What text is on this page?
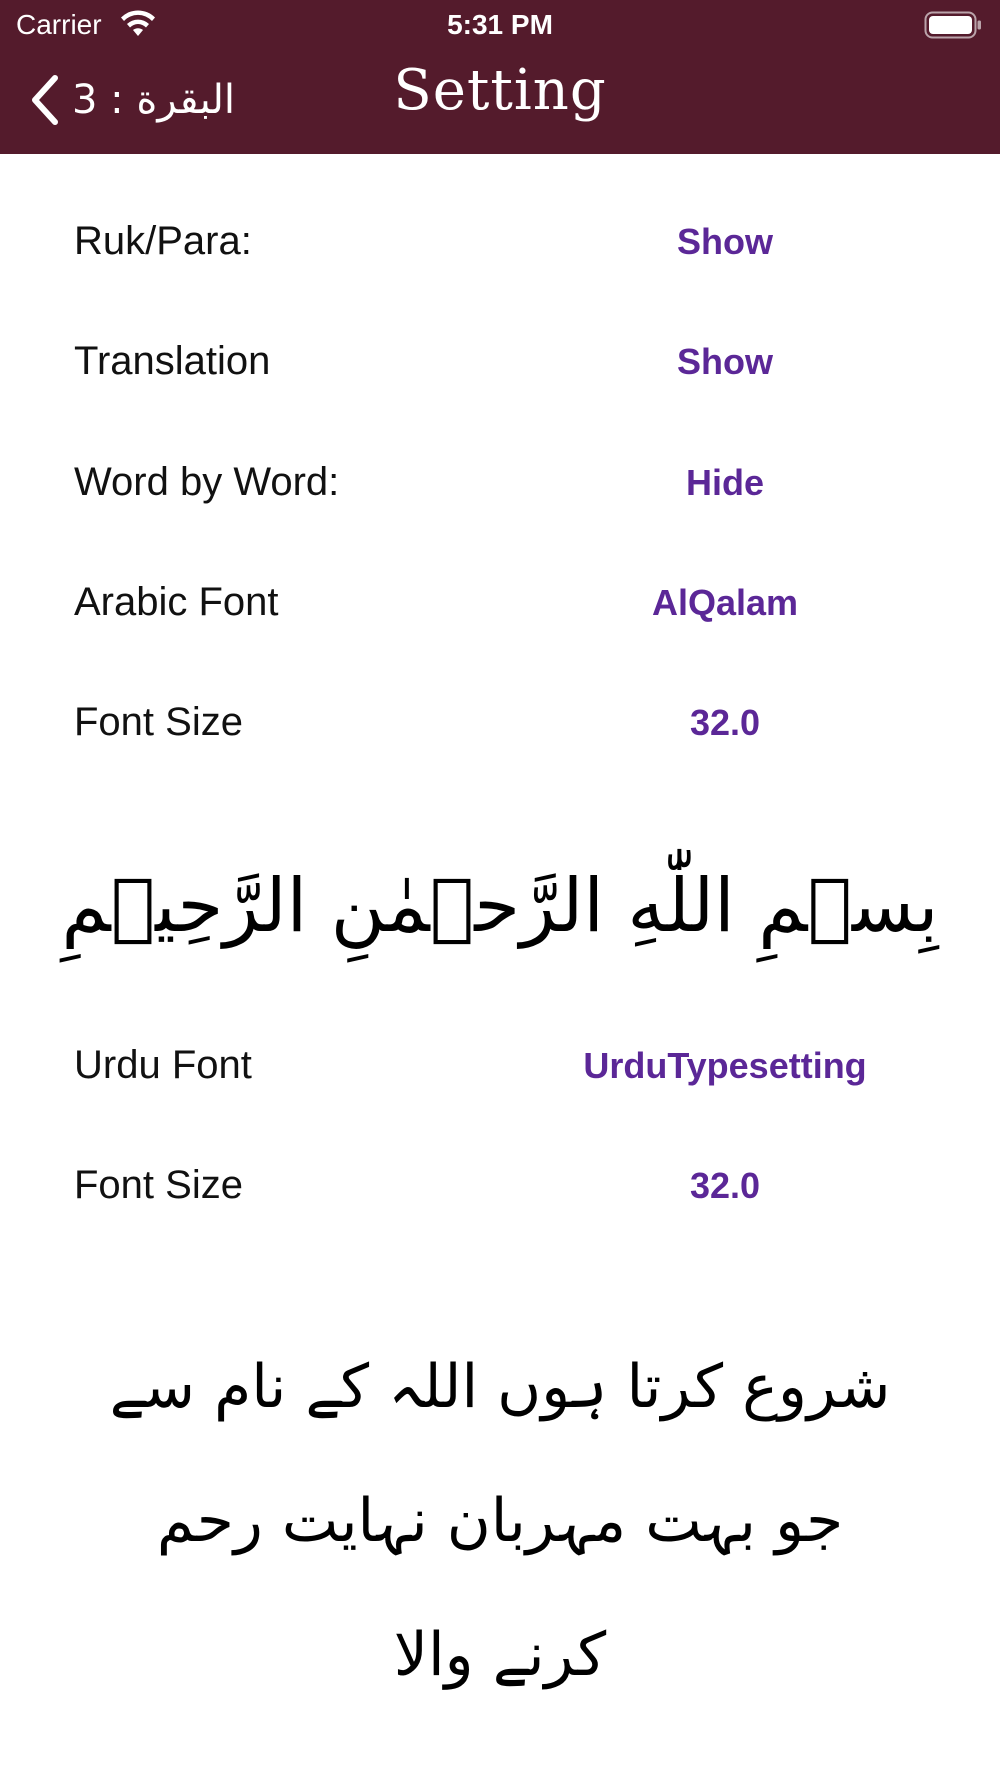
Carrier	5:31 PM
البقرة : 3	Setting
Ruk/Para:	Show
Translation	Show
Word by Word:	Hide
Arabic Font	AlQalam
Font Size	32.0
Urdu Font	UrduTypesetting
Font Size	32.0
بِسۡمِ اللّٰهِ الرَّحۡمٰنِ الرَّحِيۡمِ
شروع کرتا ہوں اللہ کے نام سے جو بہت مہربان نہایت رحم کرنے والا
